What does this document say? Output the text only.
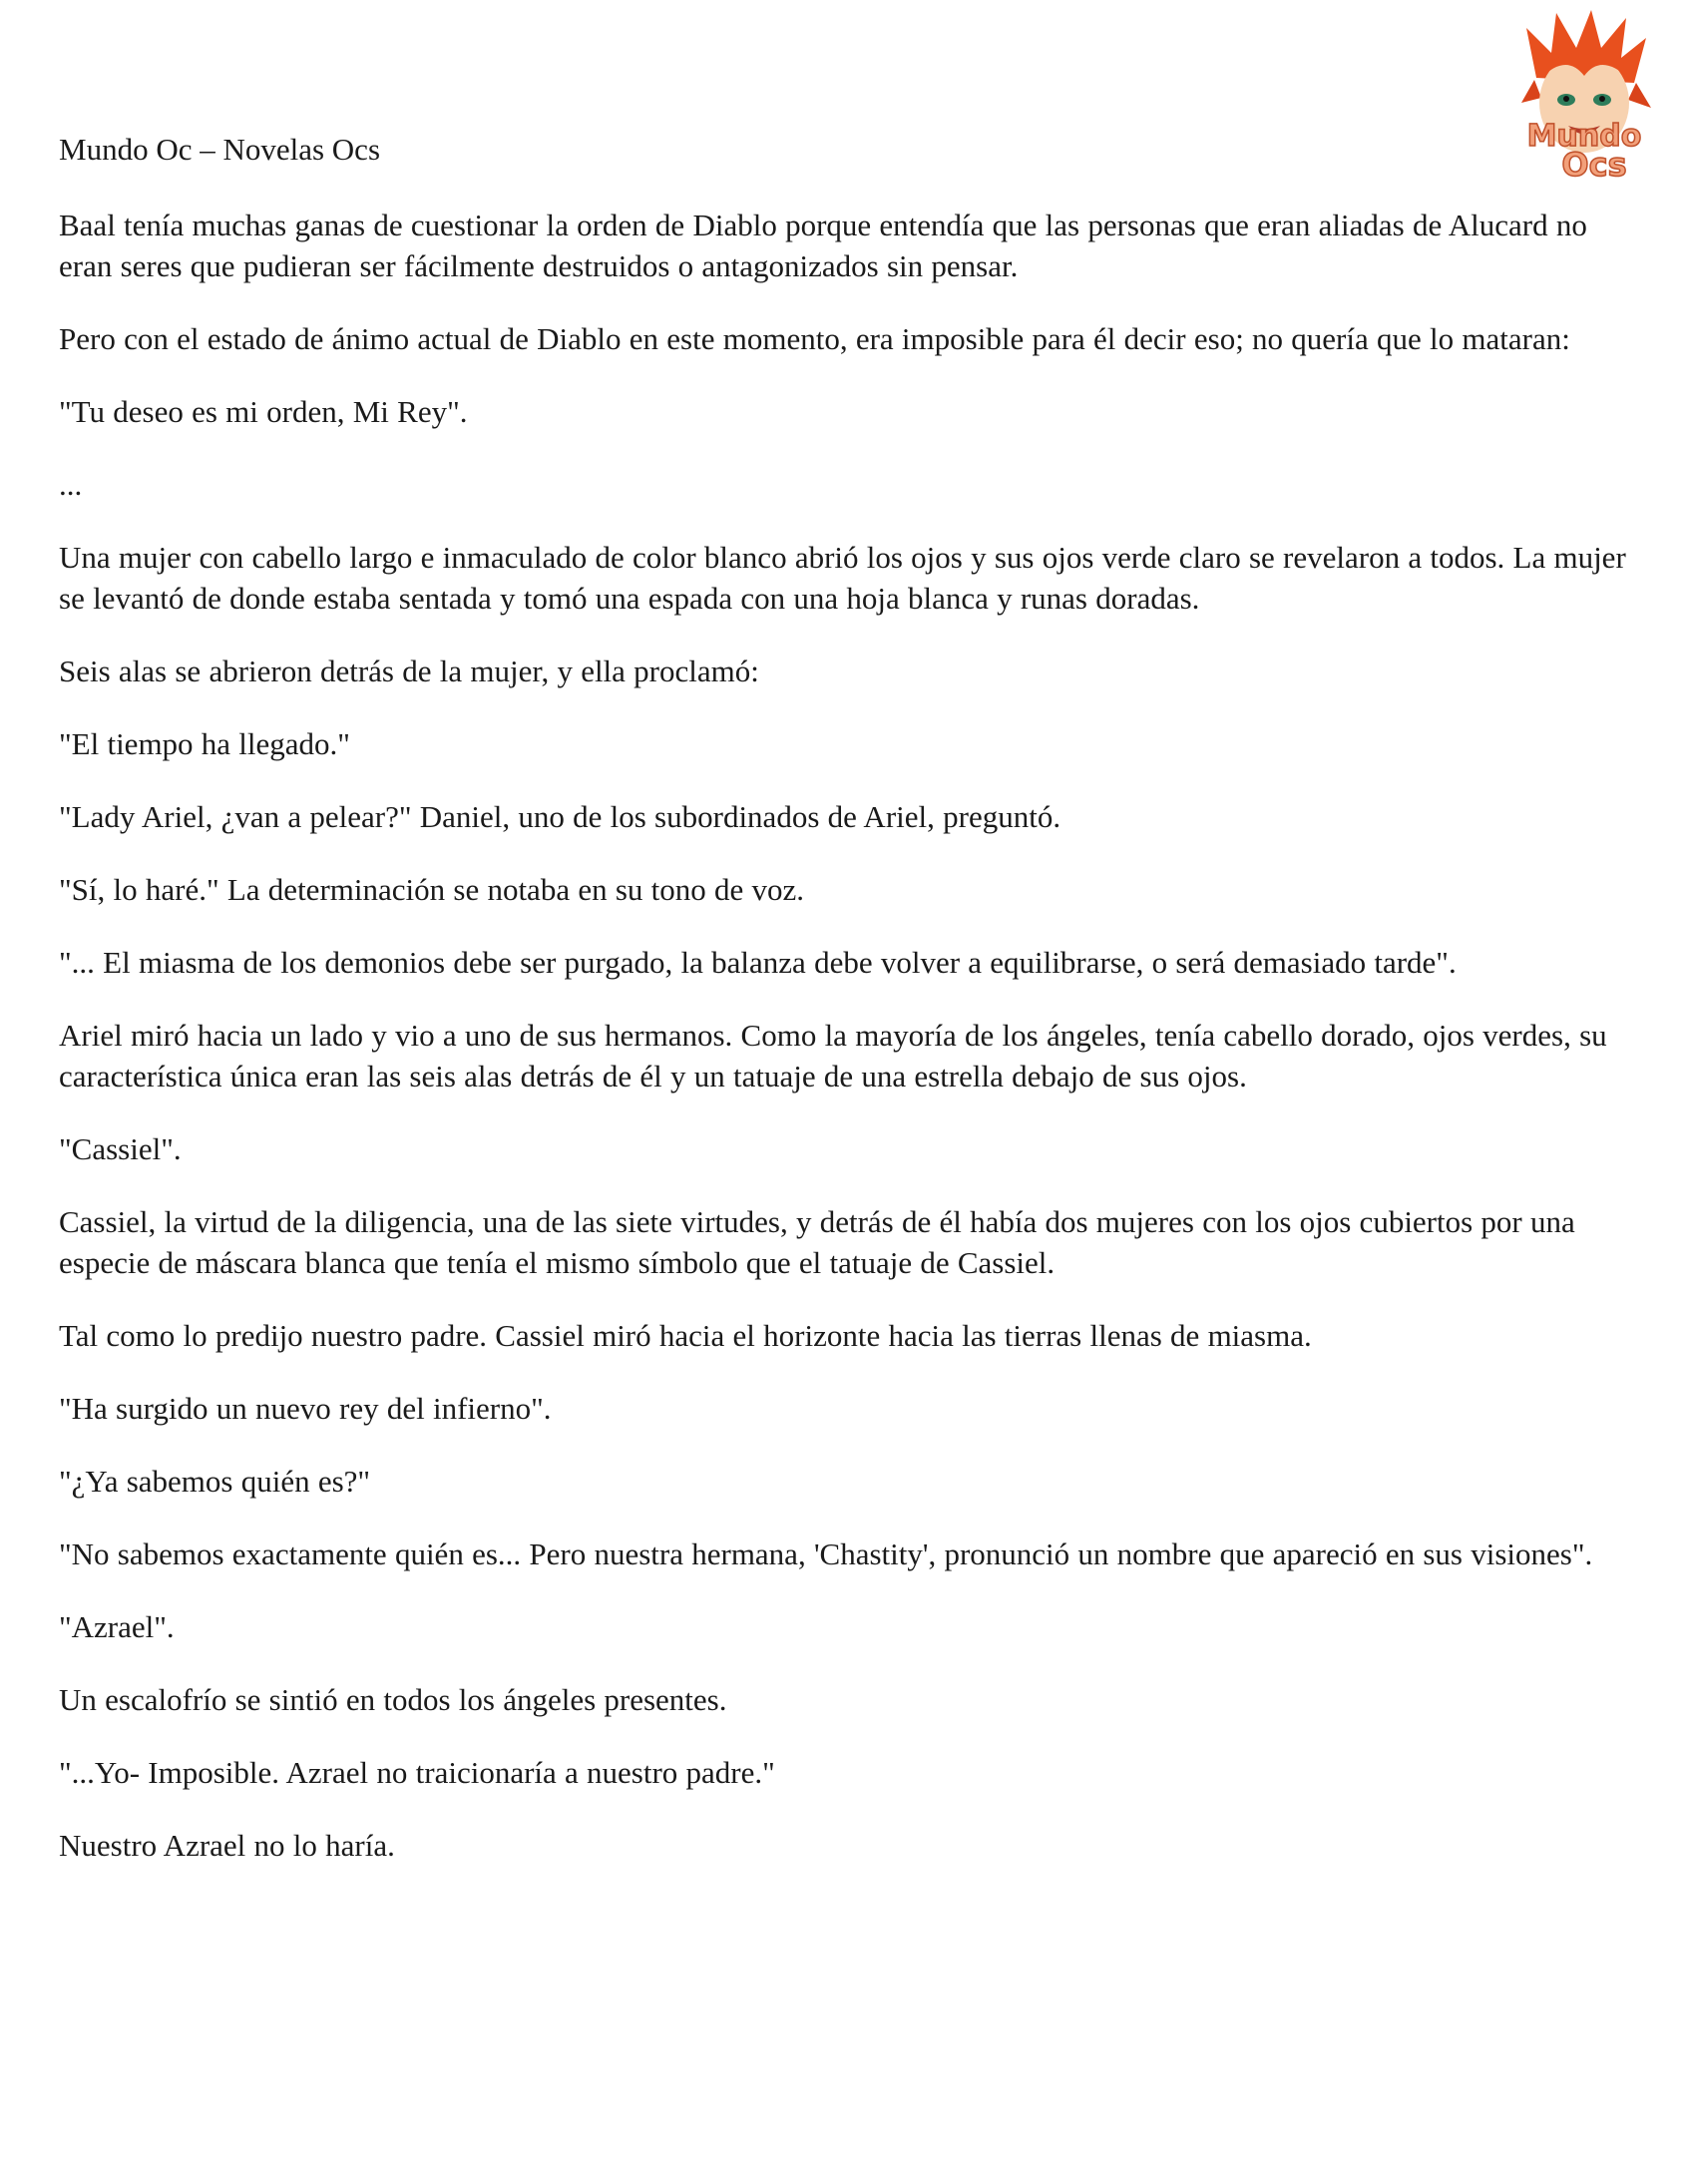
Mundo Oc – Novelas Ocs	Mundo
Ocs

Baal tenía muchas ganas de cuestionar la orden de Diablo porque entendía que las personas que eran aliadas de Alucard no eran seres que pudieran ser fácilmente destruidos o antagonizados sin pensar.

Pero con el estado de ánimo actual de Diablo en este momento, era imposible para él decir eso; no quería que lo mataran:

"Tu deseo es mi orden, Mi Rey".

...

Una mujer con cabello largo e inmaculado de color blanco abrió los ojos y sus ojos verde claro se revelaron a todos. La mujer se levantó de donde estaba sentada y tomó una espada con una hoja blanca y runas doradas.

Seis alas se abrieron detrás de la mujer, y ella proclamó:

"El tiempo ha llegado."

"Lady Ariel, ¿van a pelear?" Daniel, uno de los subordinados de Ariel, preguntó.

"Sí, lo haré." La determinación se notaba en su tono de voz.

"... El miasma de los demonios debe ser purgado, la balanza debe volver a equilibrarse, o será demasiado tarde".

Ariel miró hacia un lado y vio a uno de sus hermanos. Como la mayoría de los ángeles, tenía cabello dorado, ojos verdes, su característica única eran las seis alas detrás de él y un tatuaje de una estrella debajo de sus ojos.

"Cassiel".

Cassiel, la virtud de la diligencia, una de las siete virtudes, y detrás de él había dos mujeres con los ojos cubiertos por una especie de máscara blanca que tenía el mismo símbolo que el tatuaje de Cassiel.

Tal como lo predijo nuestro padre. Cassiel miró hacia el horizonte hacia las tierras llenas de miasma.

"Ha surgido un nuevo rey del infierno".

"¿Ya sabemos quién es?"

"No sabemos exactamente quién es... Pero nuestra hermana, 'Chastity', pronunció un nombre que apareció en sus visiones".

"Azrael".

Un escalofrío se sintió en todos los ángeles presentes.

"...Yo- Imposible. Azrael no traicionaría a nuestro padre."

Nuestro Azrael no lo haría.
